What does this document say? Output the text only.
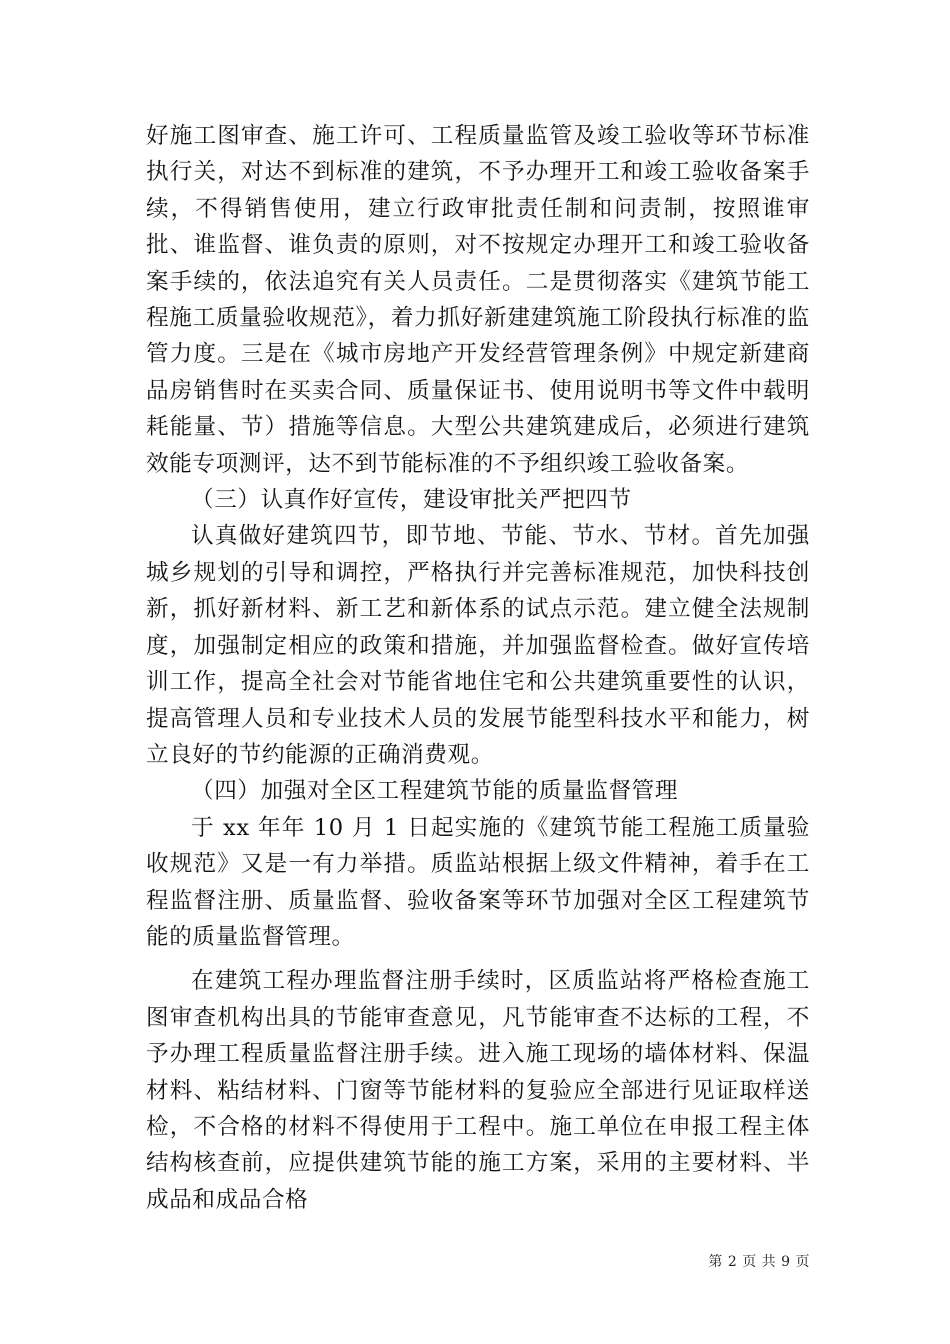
好施工图审查、施工许可、工程质量监管及竣工验收等环节标准执行关，对达不到标准的建筑，不予办理开工和竣工验收备案手续，不得销售使用，建立行政审批责任制和问责制，按照谁审批、谁监督、谁负责的原则，对不按规定办理开工和竣工验收备案手续的，依法追究有关人员责任。二是贯彻落实《建筑节能工程施工质量验收规范》，着力抓好新建建筑施工阶段执行标准的监管力度。三是在《城市房地产开发经营管理条例》中规定新建商品房销售时在买卖合同、质量保证书、使用说明书等文件中载明耗能量、节）措施等信息。大型公共建筑建成后，必须进行建筑效能专项测评，达不到节能标准的不予组织竣工验收备案。

（三）认真作好宣传，建设审批关严把四节

认真做好建筑四节，即节地、节能、节水、节材。首先加强城乡规划的引导和调控，严格执行并完善标准规范，加快科技创新，抓好新材料、新工艺和新体系的试点示范。建立健全法规制度，加强制定相应的政策和措施，并加强监督检查。做好宣传培训工作，提高全社会对节能省地住宅和公共建筑重要性的认识，提高管理人员和专业技术人员的发展节能型科技水平和能力，树立良好的节约能源的正确消费观。

（四）加强对全区工程建筑节能的质量监督管理

于 xx 年年 10 月 1 日起实施的《建筑节能工程施工质量验收规范》又是一有力举措。质监站根据上级文件精神，着手在工程监督注册、质量监督、验收备案等环节加强对全区工程建筑节能的质量监督管理。

在建筑工程办理监督注册手续时，区质监站将严格检查施工图审查机构出具的节能审查意见，凡节能审查不达标的工程，不予办理工程质量监督注册手续。进入施工现场的墙体材料、保温材料、粘结材料、门窗等节能材料的复验应全部进行见证取样送检，不合格的材料不得使用于工程中。施工单位在申报工程主体结构核查前，应提供建筑节能的施工方案，采用的主要材料、半成品和成品合格

第 2 页 共 9 页
